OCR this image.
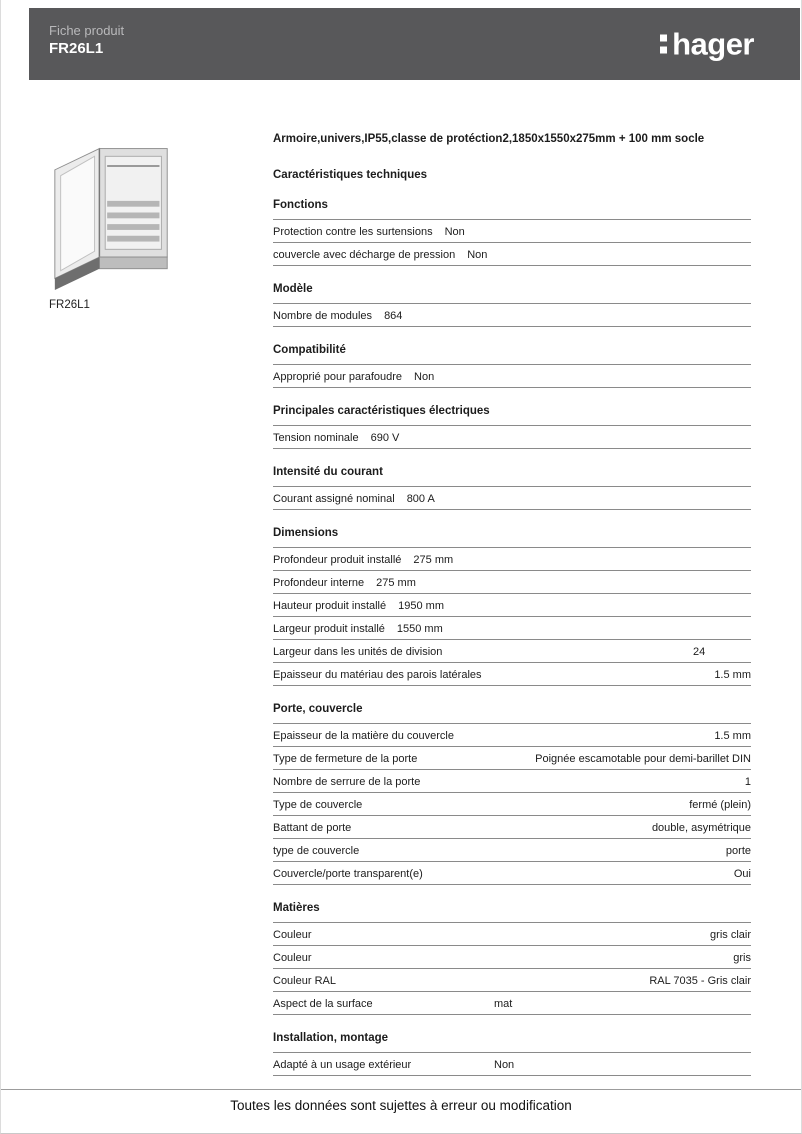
Fiche produit
FR26L1	hager
FR26L1
Armoire,univers,IP55,classe de protéction2,1850x1550x275mm + 100 mm socle
Caractéristiques techniques
Fonctions
Protection contre les surtensions Non
couvercle avec décharge de pression Non
Modèle
Nombre de modules 864
Compatibilité
Approprié pour parafoudre Non
Principales caractéristiques électriques
Tension nominale 690 V
Intensité du courant
Courant assigné nominal 800 A
Dimensions
Profondeur produit installé 275 mm
Profondeur interne 275 mm
Hauteur produit installé 1950 mm
Largeur produit installé 1550 mm
Largeur dans les unités de division	24
Epaisseur du matériau des parois latérales	1.5 mm
Porte, couvercle
Epaisseur de la matière du couvercle	1.5 mm
Type de fermeture de la porte	Poignée escamotable pour demi-barillet DIN
Nombre de serrure de la porte	1
Type de couvercle	fermé (plein)
Battant de porte	double, asymétrique
type de couvercle	porte
Couvercle/porte transparent(e)	Oui
Matières
Couleur	gris clair
Couleur	gris
Couleur RAL	RAL 7035 - Gris clair
Aspect de la surface	mat
Installation, montage
Adapté à un usage extérieur	Non
Toutes les données sont sujettes à erreur ou modification
